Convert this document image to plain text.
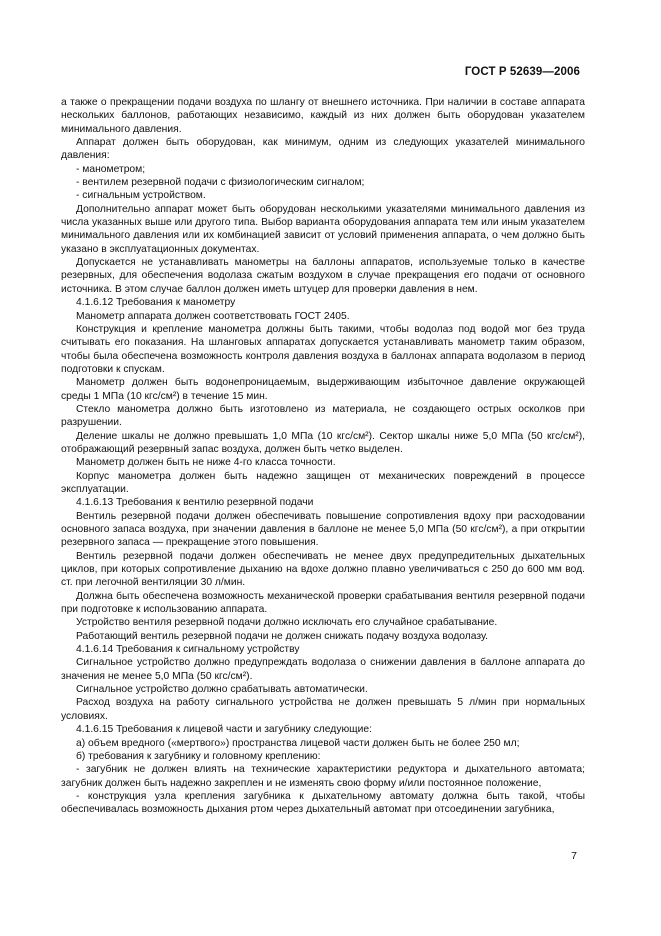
ГОСТ Р 52639—2006

а также о прекращении подачи воздуха по шлангу от внешнего источника. При наличии в составе аппарата нескольких баллонов, работающих независимо, каждый из них должен быть оборудован указателем минимального давления.

Аппарат должен быть оборудован, как минимум, одним из следующих указателей минимального давления:

- манометром;

- вентилем резервной подачи с физиологическим сигналом;

- сигнальным устройством.

Дополнительно аппарат может быть оборудован несколькими указателями минимального давления из числа указанных выше или другого типа. Выбор варианта оборудования аппарата тем или иным указателем минимального давления или их комбинацией зависит от условий применения аппарата, о чем должно быть указано в эксплуатационных документах.

Допускается не устанавливать манометры на баллоны аппаратов, используемые только в качестве резервных, для обеспечения водолаза сжатым воздухом в случае прекращения его подачи от основного источника. В этом случае баллон должен иметь штуцер для проверки давления в нем.

4.1.6.12 Требования к манометру

Манометр аппарата должен соответствовать ГОСТ 2405.

Конструкция и крепление манометра должны быть такими, чтобы водолаз под водой мог без труда считывать его показания. На шланговых аппаратах допускается устанавливать манометр таким образом, чтобы была обеспечена возможность контроля давления воздуха в баллонах аппарата водолазом в период подготовки к спускам.

Манометр должен быть водонепроницаемым, выдерживающим избыточное давление окружающей среды 1 МПа (10 кгс/см²) в течение 15 мин.

Стекло манометра должно быть изготовлено из материала, не создающего острых осколков при разрушении.

Деление шкалы не должно превышать 1,0 МПа (10 кгс/см²). Сектор шкалы ниже 5,0 МПа (50 кгс/см²), отображающий резервный запас воздуха, должен быть четко выделен.

Манометр должен быть не ниже 4-го класса точности.

Корпус манометра должен быть надежно защищен от механических повреждений в процессе эксплуатации.

4.1.6.13 Требования к вентилю резервной подачи

Вентиль резервной подачи должен обеспечивать повышение сопротивления вдоху при расходовании основного запаса воздуха, при значении давления в баллоне не менее 5,0 МПа (50 кгс/см²), а при открытии резервного запаса — прекращение этого повышения.

Вентиль резервной подачи должен обеспечивать не менее двух предупредительных дыхательных циклов, при которых сопротивление дыханию на вдохе должно плавно увеличиваться с 250 до 600 мм вод. ст. при легочной вентиляции 30 л/мин.

Должна быть обеспечена возможность механической проверки срабатывания вентиля резервной подачи при подготовке к использованию аппарата.

Устройство вентиля резервной подачи должно исключать его случайное срабатывание.

Работающий вентиль резервной подачи не должен снижать подачу воздуха водолазу.

4.1.6.14 Требования к сигнальному устройству

Сигнальное устройство должно предупреждать водолаза о снижении давления в баллоне аппарата до значения не менее 5,0 МПа (50 кгс/см²).

Сигнальное устройство должно срабатывать автоматически.

Расход воздуха на работу сигнального устройства не должен превышать 5 л/мин при нормальных условиях.

4.1.6.15 Требования к лицевой части и загубнику следующие:

а) объем вредного («мертвого») пространства лицевой части должен быть не более 250 мл;

б) требования к загубнику и головному креплению:

- загубник не должен влиять на технические характеристики редуктора и дыхательного автомата; загубник должен быть надежно закреплен и не изменять свою форму и/или постоянное положение,

- конструкция узла крепления загубника к дыхательному автомату должна быть такой, чтобы обеспечивалась возможность дыхания ртом через дыхательный автомат при отсоединении загубника,

7
